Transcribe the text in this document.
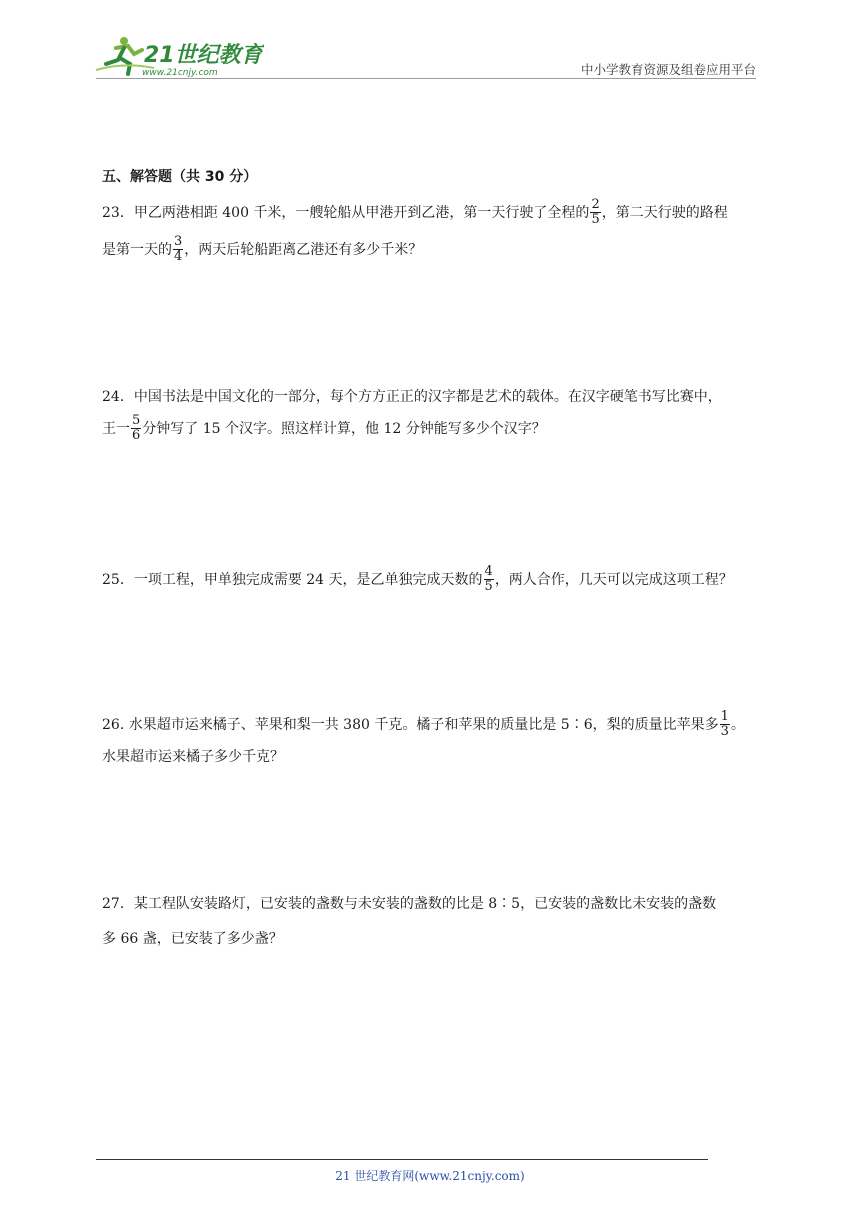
21世纪教育
www.21cnjy.com	中小学教育资源及组卷应用平台
五、解答题（共 30 分）
23．甲乙两港相距 400 千米，一艘轮船从甲港开到乙港，第一天行驶了全程的 $\frac{2}{5}$ ，第二天行驶的路程
是第一天的 $\frac{3}{4}$ ，两天后轮船距离乙港还有多少千米？
24．中国书法是中国文化的一部分，每个方方正正的汉字都是艺术的载体。在汉字硬笔书写比赛中，
王一 $\frac{5}{6}$ 分钟写了 15 个汉字。照这样计算，他 12 分钟能写多少个汉字？
25．一项工程，甲单独完成需要 24 天，是乙单独完成天数的 $\frac{4}{5}$ ，两人合作，几天可以完成这项工程？
26. 水果超市运来橘子、苹果和梨一共 380 千克。橘子和苹果的质量比是 5∶6，梨的质量比苹果多 $\frac{1}{3}$ 。
水果超市运来橘子多少千克？
27．某工程队安装路灯，已安装的盏数与未安装的盏数的比是 8∶5，已安装的盏数比未安装的盏数
多 66 盏，已安装了多少盏？
21 世纪教育网(www.21cnjy.com)
